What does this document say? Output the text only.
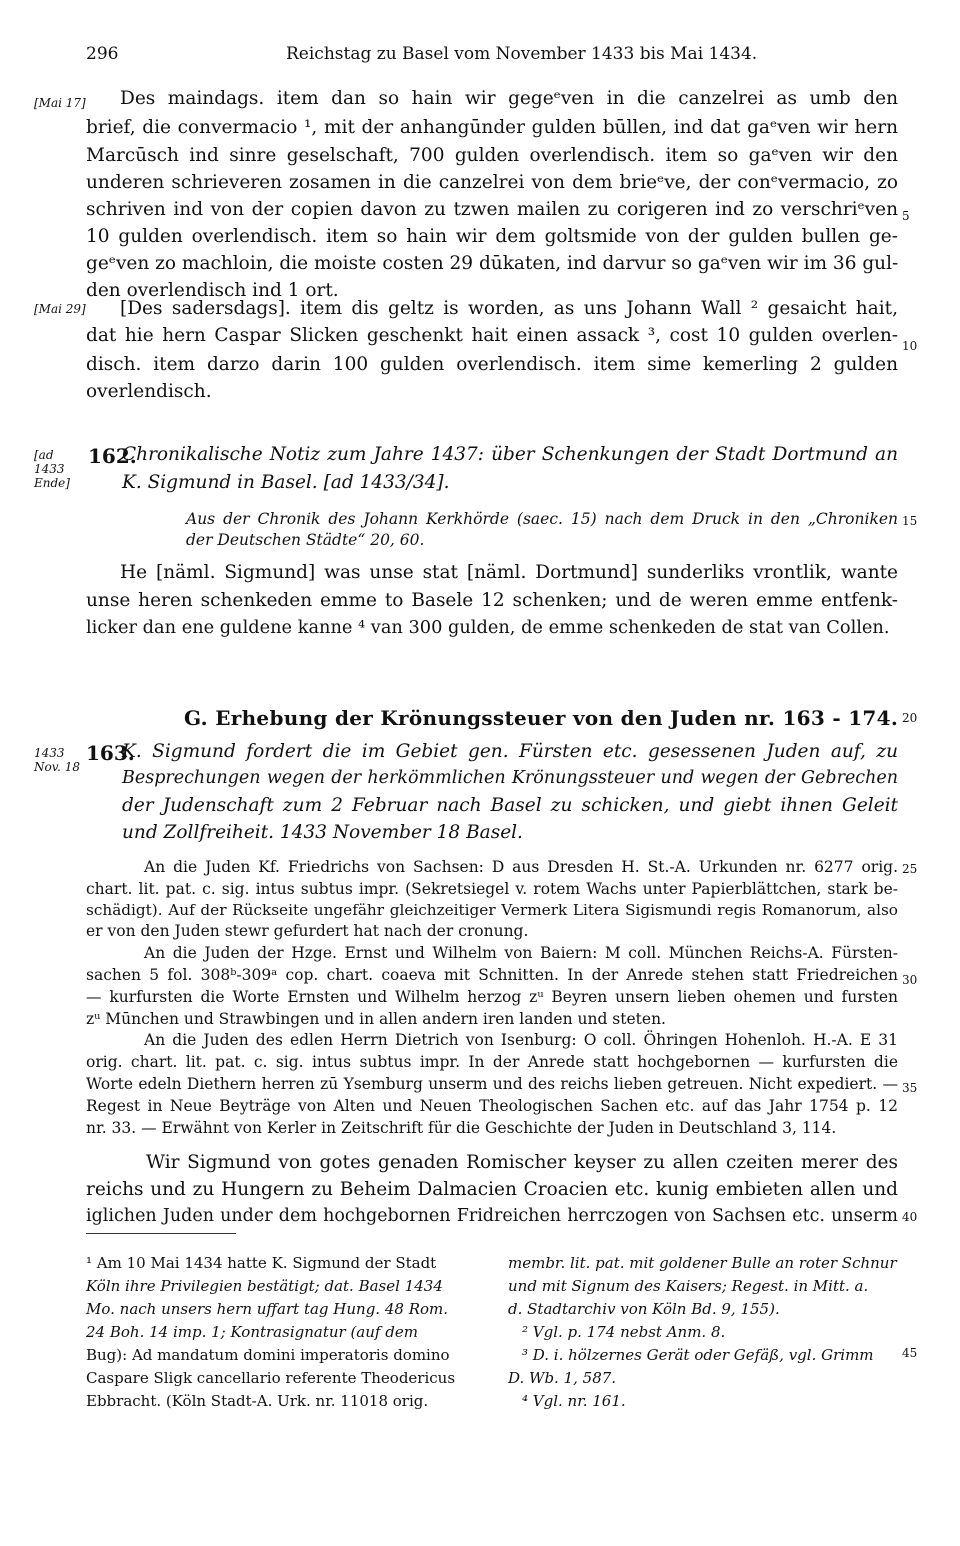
296	Reichstag zu Basel vom November 1433 bis Mai 1434.
[Mai 17]
[Mai 29]
[ad 1433 Ende]
1433 Nov. 18
5
10
15
20
25
30
35
40
45
Des maindags. item dan so hain wir gegeᵉven in die canzelrei as umb den
brief, die convermacio ¹, mit der anhangūnder gulden būllen, ind dat gaᵉven wir hern
Marcūsch ind sinre geselschaft, 700 gulden overlendisch. item so gaᵉven wir den
underen schrieveren zosamen in die canzelrei von dem brieᵉve, der conᵉvermacio, zo
schriven ind von der copien davon zu tzwen mailen zu corigeren ind zo verschriᵉven
10 gulden overlendisch. item so hain wir dem goltsmide von der gulden bullen ge-
geᵉven zo machloin, die moiste costen 29 dūkaten, ind darvur so gaᵉven wir im 36 gul-
den overlendisch ind 1 ort.
[Des sadersdags]. item dis geltz is worden, as uns Johann Wall ² gesaicht hait,
dat hie hern Caspar Slicken geschenkt hait einen assack ³, cost 10 gulden overlen-
disch. item darzo darin 100 gulden overlendisch. item sime kemerling 2 gulden
overlendisch.
162.
Chronikalische Notiz zum Jahre 1437: über Schenkungen der Stadt Dortmund an
K. Sigmund in Basel. [ad 1433/34].
Aus der Chronik des Johann Kerkhörde (saec. 15) nach dem Druck in den „Chroniken
der Deutschen Städte“ 20, 60.
He [näml. Sigmund] was unse stat [näml. Dortmund] sunderliks vrontlik, wante
unse heren schenkeden emme to Basele 12 schenken; und de weren emme entfenk-
licker dan ene guldene kanne ⁴ van 300 gulden, de emme schenkeden de stat van Collen.
G. Erhebung der Krönungssteuer von den Juden nr. 163 - 174.
163.
K. Sigmund fordert die im Gebiet gen. Fürsten etc. gesessenen Juden auf, zu
Besprechungen wegen der herkömmlichen Krönungssteuer und wegen der Gebrechen
der Judenschaft zum 2 Februar nach Basel zu schicken, und giebt ihnen Geleit
und Zollfreiheit. 1433 November 18 Basel.
An die Juden Kf. Friedrichs von Sachsen: D aus Dresden H. St.-A. Urkunden nr. 6277 orig.
chart. lit. pat. c. sig. intus subtus impr. (Sekretsiegel v. rotem Wachs unter Papierblättchen, stark be-
schädigt). Auf der Rückseite ungefähr gleichzeitiger Vermerk Litera Sigismundi regis Romanorum, also
er von den Juden stewr gefurdert hat nach der cronung.
An die Juden der Hzge. Ernst und Wilhelm von Baiern: M coll. München Reichs-A. Fürsten-
sachen 5 fol. 308ᵇ-309ᵃ cop. chart. coaeva mit Schnitten. In der Anrede stehen statt Friedreichen
— kurfursten die Worte Ernsten und Wilhelm herzog zᵘ Beyren unsern lieben ohemen und fursten
zᵘ Mūnchen und Strawbingen und in allen andern iren landen und steten.
An die Juden des edlen Herrn Dietrich von Isenburg: O coll. Öhringen Hohenloh. H.-A. E 31
orig. chart. lit. pat. c. sig. intus subtus impr. In der Anrede statt hochgebornen — kurfursten die
Worte edeln Diethern herren zū Ysemburg unserm und des reichs lieben getreuen. Nicht expediert. —
Regest in Neue Beyträge von Alten und Neuen Theologischen Sachen etc. auf das Jahr 1754 p. 12
nr. 33. — Erwähnt von Kerler in Zeitschrift für die Geschichte der Juden in Deutschland 3, 114.
Wir Sigmund von gotes genaden Romischer keyser zu allen czeiten merer des
reichs und zu Hungern zu Beheim Dalmacien Croacien etc. kunig embieten allen und
iglichen Juden under dem hochgebornen Fridreichen herrczogen von Sachsen etc. unserm
¹ Am 10 Mai 1434 hatte K. Sigmund der Stadt
Köln ihre Privilegien bestätigt; dat. Basel 1434
Mo. nach unsers hern uffart tag Hung. 48 Rom.
24 Boh. 14 imp. 1; Kontrasignatur (auf dem
Bug): Ad mandatum domini imperatoris domino
Caspare Sligk cancellario referente Theodericus
Ebbracht. (Köln Stadt-A. Urk. nr. 11018 orig.
membr. lit. pat. mit goldener Bulle an roter Schnur
und mit Signum des Kaisers; Regest. in Mitt. a.
d. Stadtarchiv von Köln Bd. 9, 155).
² Vgl. p. 174 nebst Anm. 8.
³ D. i. hölzernes Gerät oder Gefäß, vgl. Grimm
D. Wb. 1, 587.
⁴ Vgl. nr. 161.
